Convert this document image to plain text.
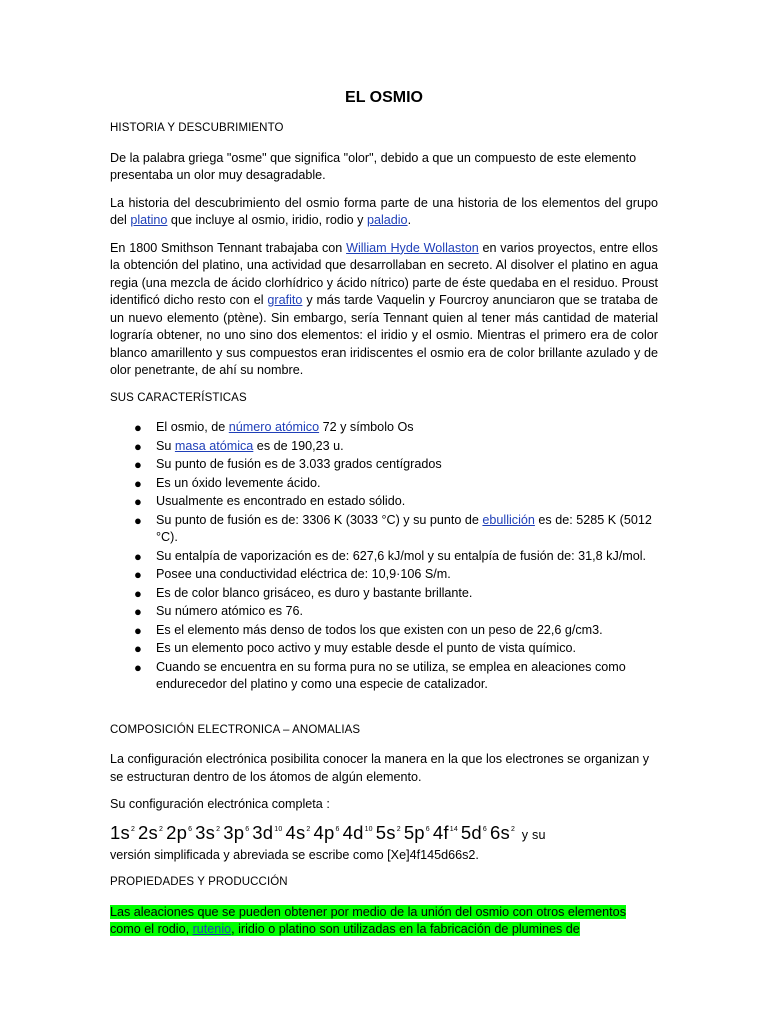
EL OSMIO
HISTORIA Y DESCUBRIMIENTO

De la palabra griega "osme" que significa "olor", debido a que un compuesto de este elemento presentaba un olor muy desagradable.

La historia del descubrimiento del osmio forma parte de una historia de los elementos del grupo del platino que incluye al osmio, iridio, rodio y paladio.

En 1800 Smithson Tennant trabajaba con William Hyde Wollaston en varios proyectos, entre ellos la obtención del platino, una actividad que desarrollaban en secreto. Al disolver el platino en agua regia (una mezcla de ácido clorhídrico y ácido nítrico) parte de éste quedaba en el residuo. Proust identificó dicho resto con el grafito y más tarde Vaquelin y Fourcroy anunciaron que se trataba de un nuevo elemento (ptène). Sin embargo, sería Tennant quien al tener más cantidad de material lograría obtener, no uno sino dos elementos: el iridio y el osmio. Mientras el primero era de color blanco amarillento y sus compuestos eran iridiscentes el osmio era de color brillante azulado y de olor penetrante, de ahí su nombre.

SUS CARACTERÍSTICAS
● El osmio, de número atómico 72 y símbolo Os
● Su masa atómica es de 190,23 u.
● Su punto de fusión es de 3.033 grados centígrados
● Es un óxido levemente ácido.
● Usualmente es encontrado en estado sólido.
● Su punto de fusión es de: 3306 K (3033 °C) y su punto de ebullición es de: 5285 K (5012 °C).
● Su entalpía de vaporización es de: 627,6 kJ/mol y su entalpía de fusión de: 31,8 kJ/mol.
● Posee una conductividad eléctrica de: 10,9·106 S/m.
● Es de color blanco grisáceo, es duro y bastante brillante.
● Su número atómico es 76.
● Es el elemento más denso de todos los que existen con un peso de 22,6 g/cm3.
● Es un elemento poco activo y muy estable desde el punto de vista químico.
● Cuando se encuentra en su forma pura no se utiliza, se emplea en aleaciones como endurecedor del platino y como una especie de catalizador.
COMPOSICIÓN ELECTRONICA – ANOMALIAS

La configuración electrónica posibilita conocer la manera en la que los electrones se organizan y se estructuran dentro de los átomos de algún elemento.

Su configuración electrónica completa :

$1s^2$ $2s^2$ $2p^6$ $3s^2$ $3p^6$ $3d^{10}$ $4s^2$ $4p^6$ $4d^{10}$ $5s^2$ $5p^6$ $4f^{14}$ $5d^6$ $6s^2$ y su

versión simplificada y abreviada se escribe como [Xe]4f145d66s2.

PROPIEDADES Y PRODUCCIÓN

Las aleaciones que se pueden obtener por medio de la unión del osmio con otros elementos como el rodio, rutenio, iridio o platino son utilizadas en la fabricación de plumines de
